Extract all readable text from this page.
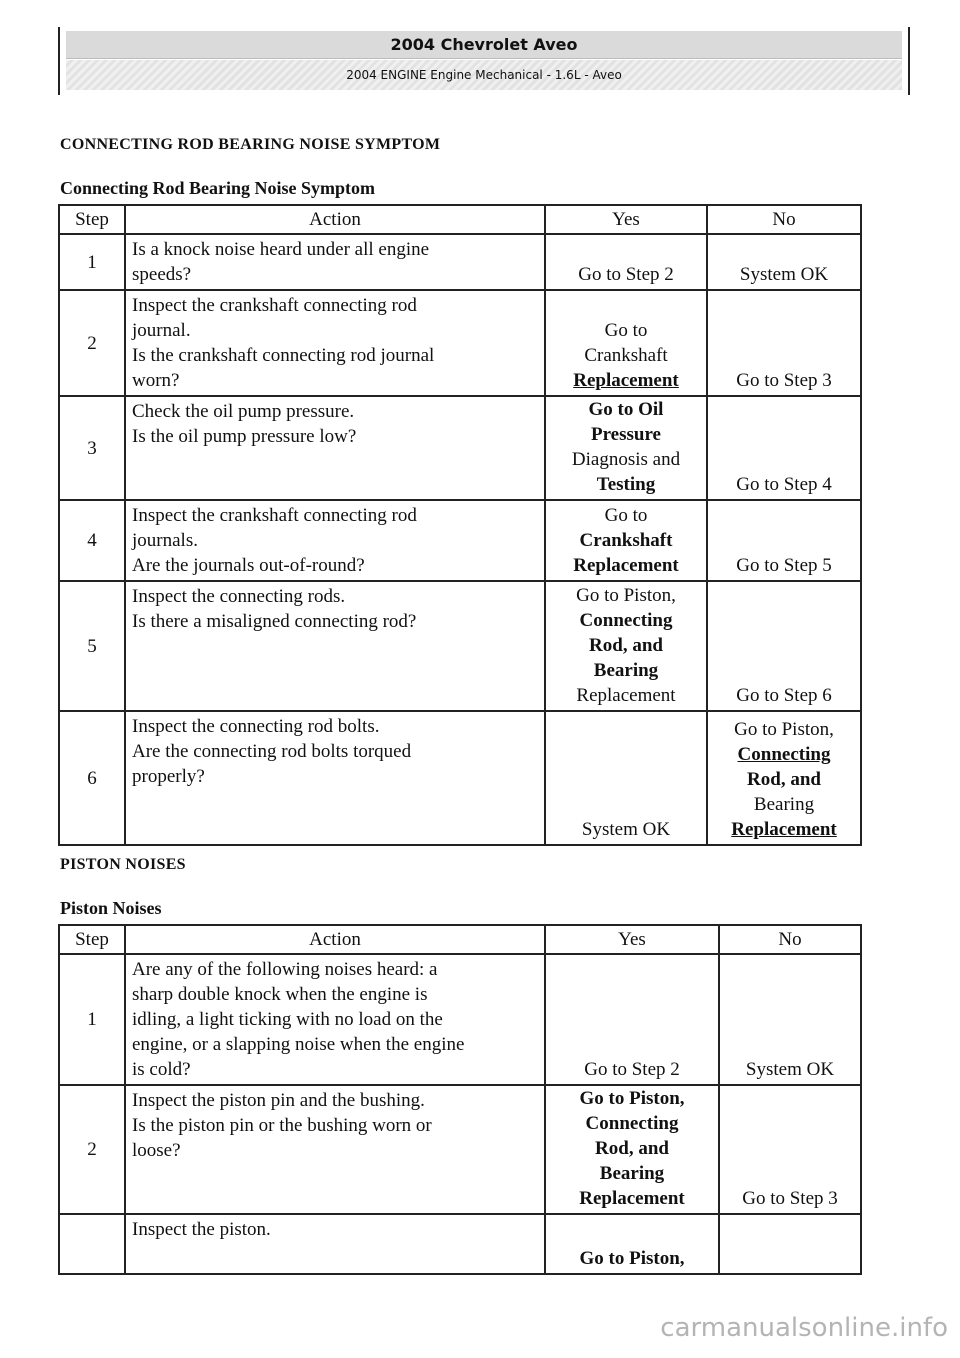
2004 Chevrolet Aveo
2004 ENGINE Engine Mechanical - 1.6L - Aveo
CONNECTING ROD BEARING NOISE SYMPTOM
Connecting Rod Bearing Noise Symptom
Step	Action	Yes	No
1	Is a knock noise heard under all engine
speeds?	Go to Step 2	System OK

2	Inspect the crankshaft connecting rod
journal.
Is the crankshaft connecting rod journal
worn?	Go to
Crankshaft
Replacement	Go to Step 3

3	Check the oil pump pressure.
Is the oil pump pressure low?	Go to Oil
Pressure
Diagnosis and
Testing	Go to Step 4

4	Inspect the crankshaft connecting rod
journals.
Are the journals out-of-round?	Go to
Crankshaft
Replacement	Go to Step 5

5	Inspect the connecting rods.
Is there a misaligned connecting rod?	Go to Piston,
Connecting
Rod, and
Bearing
Replacement	Go to Step 6

6	Inspect the connecting rod bolts.
Are the connecting rod bolts torqued
properly?	System OK	Go to Piston,
Connecting
Rod, and
Bearing
Replacement
PISTON NOISES
Piston Noises
Step	Action	Yes	No
1	Are any of the following noises heard: a
sharp double knock when the engine is
idling, a light ticking with no load on the
engine, or a slapping noise when the engine
is cold?	Go to Step 2	System OK

2	Inspect the piston pin and the bushing.
Is the piston pin or the bushing worn or
loose?	Go to Piston,
Connecting
Rod, and
Bearing
Replacement	Go to Step 3

	Inspect the piston.	Go to Piston,	

carmanualsonline.info
